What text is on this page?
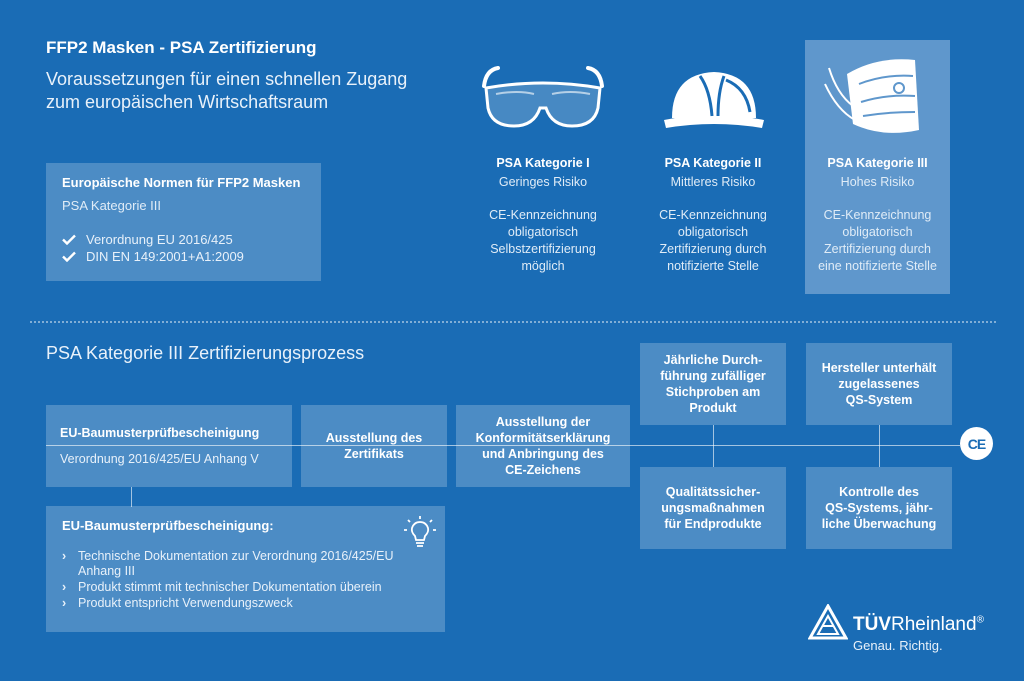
FFP2 Masken - PSA Zertifizierung
Voraussetzungen für einen schnellen Zugang
zum europäischen Wirtschaftsraum
Europäische Normen für FFP2 Masken
PSA Kategorie III
Verordnung EU 2016/425
DIN EN 149:2001+A1:2009
PSA Kategorie I
Geringes Risiko
CE-Kennzeichnung
obligatorisch
Selbstzertifizierung
möglich
PSA Kategorie II
Mittleres Risiko
CE-Kennzeichnung
obligatorisch
Zertifizierung durch
notifizierte Stelle
PSA Kategorie III
Hohes Risiko
CE-Kennzeichnung
obligatorisch
Zertifizierung durch
eine notifizierte Stelle
PSA Kategorie III Zertifizierungsprozess
EU-Baumusterprüfbescheinigung
Verordnung 2016/425/EU Anhang V
Ausstellung des
Zertifikats
Ausstellung der
Konformitätserklärung
und Anbringung des
CE-Zeichens
Jährliche Durch-
führung zufälliger
Stichproben am
Produkt
Qualitätssicher-
ungsmaßnahmen
für Endprodukte
Hersteller unterhält
zugelassenes
QS-System
Kontrolle des
QS-Systems, jähr-
liche Überwachung
CE
EU-Baumusterprüfbescheinigung:
› Technische Dokumentation zur Verordnung 2016/425/EU
Anhang III
› Produkt stimmt mit technischer Dokumentation überein
› Produkt entspricht Verwendungszweck
TÜVRheinland®
Genau. Richtig.
